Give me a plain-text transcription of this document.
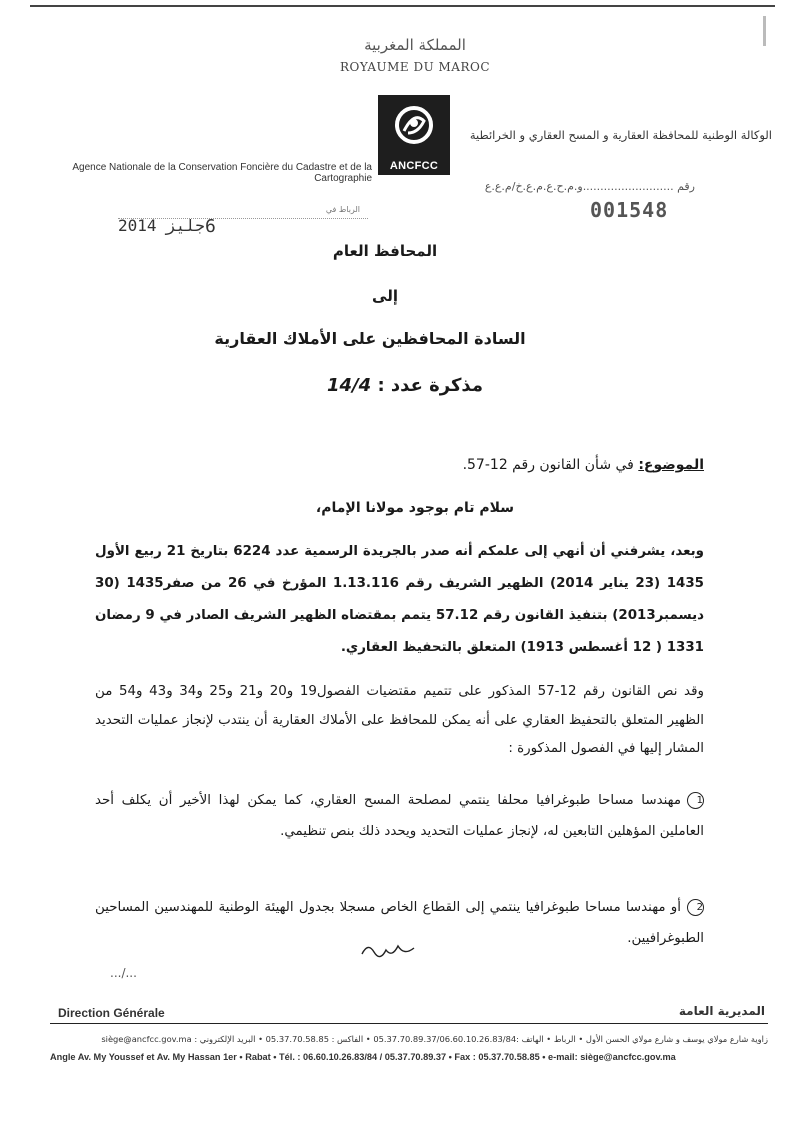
المملكة المغربية
ROYAUME DU MAROC
ANCFCC
Agence Nationale de la Conservation Foncière du Cadastre et de la Cartographie
الوكالة الوطنية للمحافظة العقارية و المسح العقاري و الخرائطية
رقم ..........................و.م.ح.ع.م.ع.خ/م.ع.ع
001548
الرباط في
2014 جليز 6
المحافظ العام
إلى
السادة المحافظين على الأملاك العقارية
مذكرة عدد : 14/4
الموضوع: في شأن القانون رقم 12-57.
سلام تام بوجود مولانا الإمام،
وبعد، يشرفني أن أنهي إلى علمكم أنه صدر بالجريدة الرسمية عدد 6224 بتاريخ 21 ربيع الأول 1435 (23 يناير 2014) الظهير الشريف رقم 1.13.116 المؤرخ في 26 من صفر1435 (30 ديسمبر2013) بتنفيذ القانون رقم 57.12 يتمم بمقتضاه الظهير الشريف الصادر في 9 رمضان 1331 ( 12 أغسطس 1913) المتعلق بالتحفيظ العقاري.
وقد نص القانون رقم 12-57 المذكور على تتميم مقتضيات الفصول19 و20 و21 و25 و34 و43 و54 من الظهير المتعلق بالتحفيظ العقاري على أنه يمكن للمحافظ على الأملاك العقارية أن ينتدب لإنجاز عمليات التحديد المشار إليها في الفصول المذكورة :
1مهندسا مساحا طبوغرافيا محلفا ينتمي لمصلحة المسح العقاري، كما يمكن لهذا الأخير أن يكلف أحد العاملين المؤهلين التابعين له، لإنجاز عمليات التحديد ويحدد ذلك بنص تنظيمي.
2أو مهندسا مساحا طبوغرافيا ينتمي إلى القطاع الخاص مسجلا بجدول الهيئة الوطنية للمهندسين المساحين الطبوغرافيين.
.../...
Direction Générale	المديرية العامة
زاوية شارع مولاي يوسف و شارع مولاي الحسن الأول • الرباط • الهاتف :05.37.70.89.37/06.60.10.26.83/84 • الفاكس : 05.37.70.58.85 • البريد الإلكتروني : siège@ancfcc.gov.ma
Angle Av. My Youssef et Av. My Hassan 1er • Rabat • Tél. : 06.60.10.26.83/84 / 05.37.70.89.37 • Fax : 05.37.70.58.85 • e-mail: siège@ancfcc.gov.ma
